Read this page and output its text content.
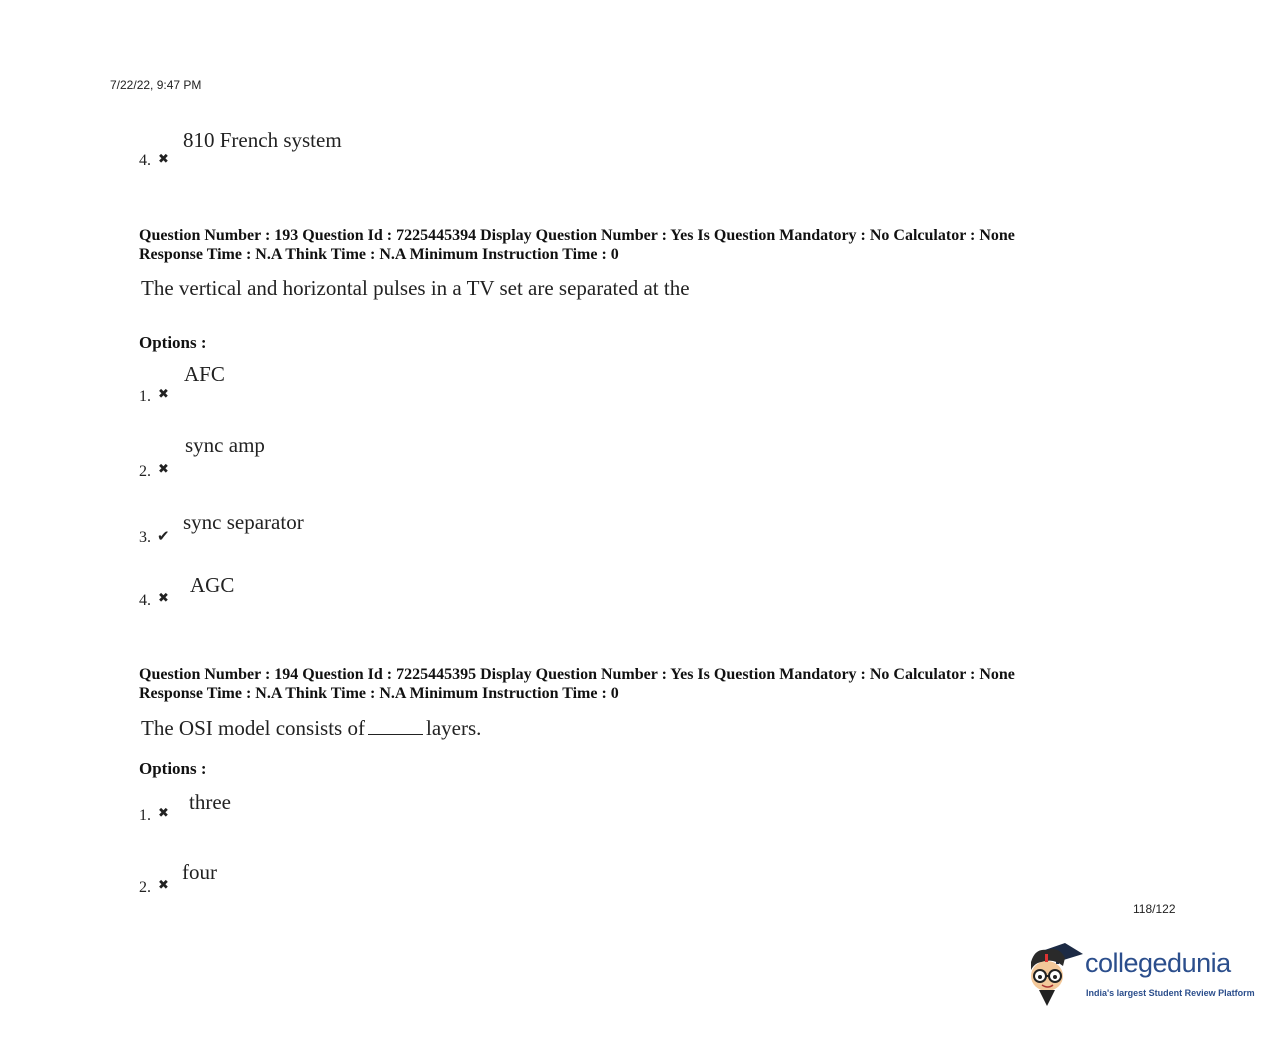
7/22/22, 9:47 PM
4. ✖
810 French system
Question Number : 193 Question Id : 7225445394 Display Question Number : Yes Is Question Mandatory : No Calculator : None
Response Time : N.A Think Time : N.A Minimum Instruction Time : 0
The vertical and horizontal pulses in a TV set are separated at the
Options :
1. ✖
AFC
2. ✖
sync amp
3. ✔
sync separator
4. ✖
AGC
Question Number : 194 Question Id : 7225445395 Display Question Number : Yes Is Question Mandatory : No Calculator : None
Response Time : N.A Think Time : N.A Minimum Instruction Time : 0
The OSI model consists of	layers.
Options :
1. ✖ three
2. ✖
four
118/122
collegedunia
India's largest Student Review Platform
